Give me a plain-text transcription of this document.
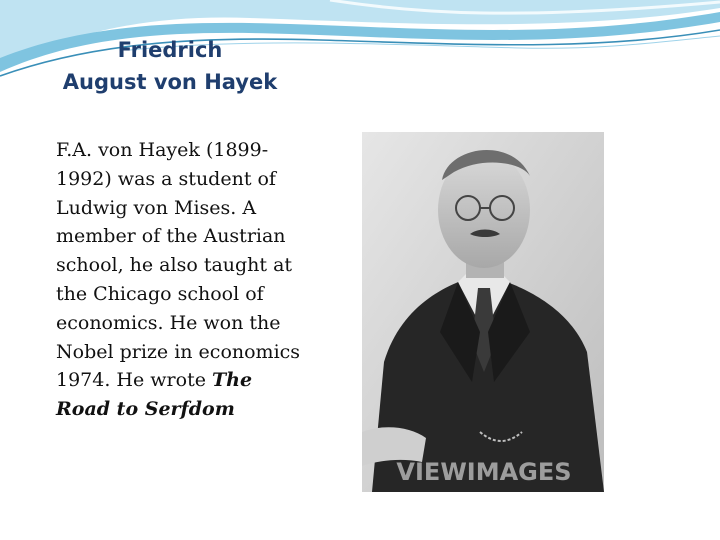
Friedrich
August von Hayek

F.A. von Hayek (1899-1992) was a student of Ludwig von Mises. A member of the Austrian school, he also taught at the Chicago school of economics. He won the Nobel prize in economics 1974. He wrote The Road to Serfdom

VIEWIMAGES
